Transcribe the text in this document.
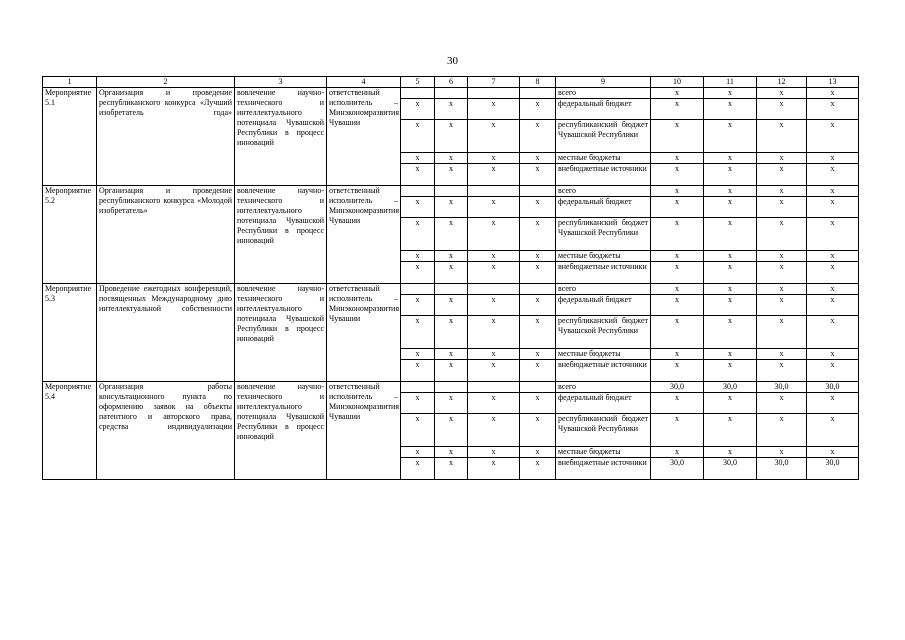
30
1	2	3	4	5	6	7	8	9	10	11	12	13
Мероприятие 5.1	Организация и проведение республиканского конкурса «Лучший изобретатель года»	вовлечение научно-технического и интеллектуального потенциала Чувашской Республики в процесс инноваций	ответственный исполнитель – Минэкономразвития Чувашии					всего	x	x	x	x
				x	x	x	x	федеральный бюджет	x	x	x	x
				x	x	x	x	республиканский бюджет Чувашской Республики	x	x	x	x
				x	x	x	x	местные бюджеты	x	x	x	x
				x	x	x	x	внебюджетные источники	x	x	x	x
Мероприятие 5.2	Организация и проведение республиканского конкурса «Молодой изобретатель»	вовлечение научно-технического и интеллектуального потенциала Чувашской Республики в процесс инноваций	ответственный исполнитель – Минэкономразвития Чувашии					всего	x	x	x	x
				x	x	x	x	федеральный бюджет	x	x	x	x
				x	x	x	x	республиканский бюджет Чувашской Республики	x	x	x	x
				x	x	x	x	местные бюджеты	x	x	x	x
				x	x	x	x	внебюджетные источники	x	x	x	x
Мероприятие 5.3	Проведение ежегодных конференций, посвященных Международному дню интеллектуальной собственности	вовлечение научно-технического и интеллектуального потенциала Чувашской Республики в процесс инноваций	ответственный исполнитель – Минэкономразвития Чувашии					всего	x	x	x	x
				x	x	x	x	федеральный бюджет	x	x	x	x
				x	x	x	x	республиканский бюджет Чувашской Республики	x	x	x	x
				x	x	x	x	местные бюджеты	x	x	x	x
				x	x	x	x	внебюджетные источники	x	x	x	x
Мероприятие 5.4	Организация работы консультационного пункта по оформлению заявок на объекты патентного и авторского права, средства индивидуализации	вовлечение научно-технического и интеллектуального потенциала Чувашской Республики в процесс инноваций	ответственный исполнитель – Минэкономразвития Чувашии					всего	30,0	30,0	30,0	30,0
				x	x	x	x	федеральный бюджет	x	x	x	x
				x	x	x	x	республиканский бюджет Чувашской Республики	x	x	x	x
				x	x	x	x	местные бюджеты	x	x	x	x
				x	x	x	x	внебюджетные источники	30,0	30,0	30,0	30,0
